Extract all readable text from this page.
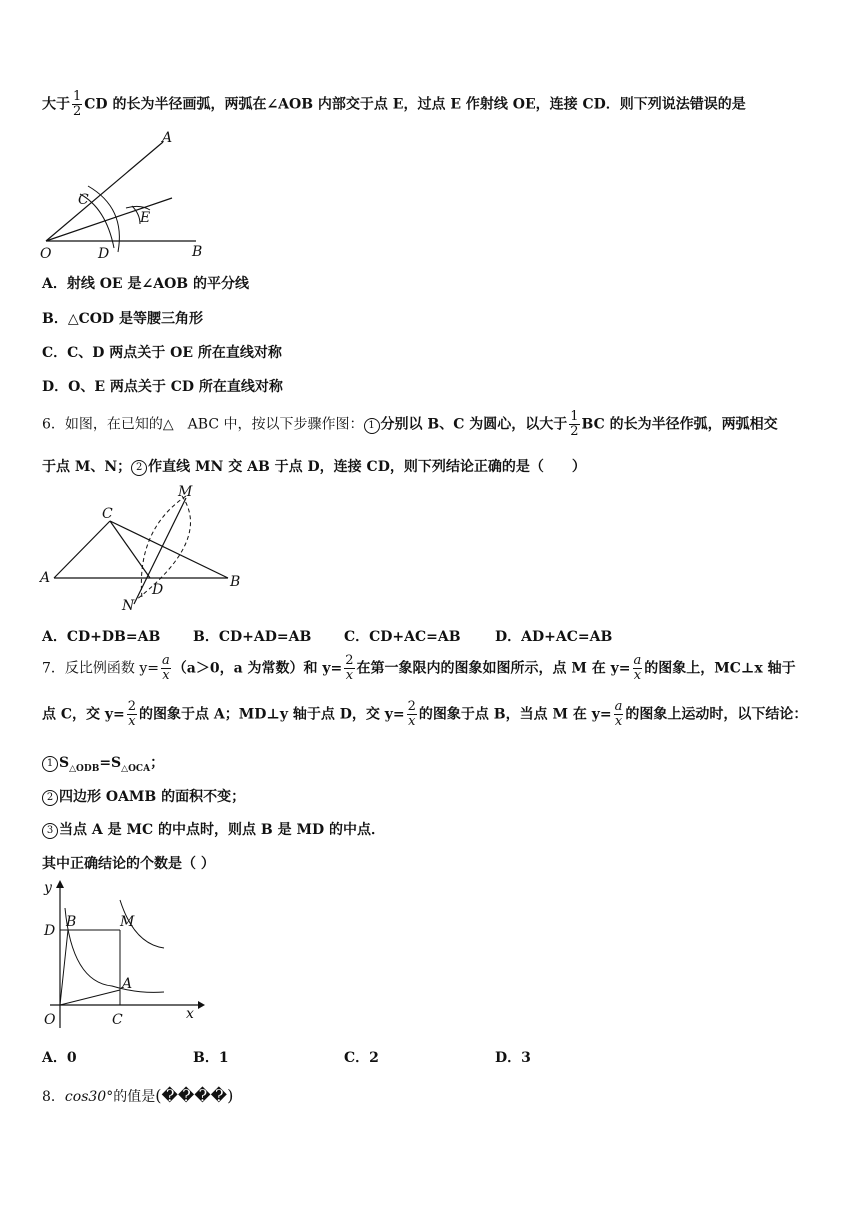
大于 $\frac{1}{2}$ CD 的长为半径画弧，两弧在∠AOB 内部交于点 E，过点 E 作射线 OE，连接 CD．则下列说法错误的是
A
C
E
O	D	B
A．射线 OE 是∠AOB 的平分线
B．△COD 是等腰三角形
C．C、D 两点关于 OE 所在直线对称
D．O、E 两点关于 CD 所在直线对称
6．如图，在已知的△　ABC 中，按以下步骤作图： 1 分别以 B、C 为圆心，以大于 $\frac{1}{2}$ BC 的长为半径作弧，两弧相交
于点 M、N； 2 作直线 MN 交 AB 于点 D，连接 CD，则下列结论正确的是（　　）
C
M
A	B
D
N
A．CD+DB=AB B．CD+AD=AB C．CD+AC=AB D．AD+AC=AB
7．反比例函数 $y= \frac{a}{x} (a>0$，a 为常数）和 $y= \frac{2}{x}$ 在第一象限内的图象如图所示，点 M 在 $y= \frac{a}{x}$ 的图象上，MC⊥x 轴于
点 C，交 $y= \frac{2}{x}$ 的图象于点 A；MD⊥y 轴于点 D，交 $y= \frac{2}{x}$ 的图象于点 B，当点 M 在 $y= \frac{a}{x}$ 的图象上运动时，以下结论：
1 $S_{\triangle ODB}=S_{\triangle OCA}$；
2 四边形 OAMB 的面积不变；
3 当点 A 是 MC 的中点时，则点 B 是 MD 的中点．
其中正确结论的个数是（ ）
y
B	M
D
A
O	C	x
A．0	B．1	C．2	D．3
8．cos30°的值是(����)
